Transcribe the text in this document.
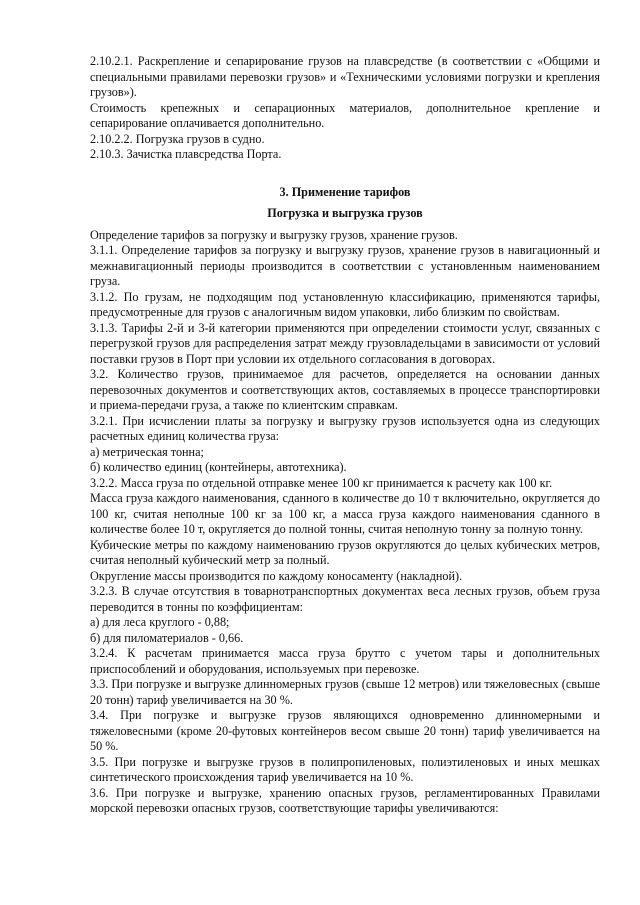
2.10.2.1. Раскрепление и сепарирование грузов на плавсредстве (в соответствии с «Общими и специальными правилами перевозки грузов» и «Техническими условиями погрузки и крепления грузов»).

Стоимость крепежных и сепарационных материалов, дополнительное крепление и сепарирование оплачивается дополнительно.

2.10.2.2. Погрузка грузов в судно.

2.10.3. Зачистка плавсредства Порта.

3. Применение тарифов

Погрузка и выгрузка грузов

Определение тарифов за погрузку и выгрузку грузов, хранение грузов.

3.1.1. Определение тарифов за погрузку и выгрузку грузов, хранение грузов в навигационный и межнавигационный периоды производится в соответствии с установленным наименованием груза.

3.1.2. По грузам, не подходящим под установленную классификацию, применяются тарифы, предусмотренные для грузов с аналогичным видом упаковки, либо близким по свойствам.

3.1.3. Тарифы 2-й и 3-й категории применяются при определении стоимости услуг, связанных с перегрузкой грузов для распределения затрат между грузовладельцами в зависимости от условий поставки грузов в Порт при условии их отдельного согласования в договорах.

3.2. Количество грузов, принимаемое для расчетов, определяется на основании данных перевозочных документов и соответствующих актов, составляемых в процессе транспортировки и приема-передачи груза, а также по клиентским справкам.

3.2.1. При исчислении платы за погрузку и выгрузку грузов используется одна из следующих расчетных единиц количества груза:

а) метрическая тонна;

б) количество единиц (контейнеры, автотехника).

3.2.2. Масса груза по отдельной отправке менее 100 кг принимается к расчету как 100 кг.

Масса груза каждого наименования, сданного в количестве до 10 т включительно, округляется до 100 кг, считая неполные 100 кг за 100 кг, а масса груза каждого наименования сданного в количестве более 10 т, округляется до полной тонны, считая неполную тонну за полную тонну.

Кубические метры по каждому наименованию грузов округляются до целых кубических метров, считая неполный кубический метр за полный.

Округление массы производится по каждому коносаменту (накладной).

3.2.3. В случае отсутствия в товарнотранспортных документах веса лесных грузов, объем груза переводится в тонны по коэффициентам:

а) для леса круглого - 0,88;

б) для пиломатериалов - 0,66.

3.2.4. К расчетам принимается масса груза брутто с учетом тары и дополнительных приспособлений и оборудования, используемых при перевозке.

3.3. При погрузке и выгрузке длинномерных грузов (свыше 12 метров) или тяжеловесных (свыше 20 тонн) тариф увеличивается на 30 %.

3.4. При погрузке и выгрузке грузов являющихся одновременно длинномерными и тяжеловесными (кроме 20-футовых контейнеров весом свыше 20 тонн) тариф увеличивается на 50 %.

3.5. При погрузке и выгрузке грузов в полипропиленовых, полиэтиленовых и иных мешках синтетического происхождения тариф увеличивается на 10 %.

3.6. При погрузке и выгрузке, хранению опасных грузов, регламентированных Правилами морской перевозки опасных грузов, соответствующие тарифы увеличиваются:
